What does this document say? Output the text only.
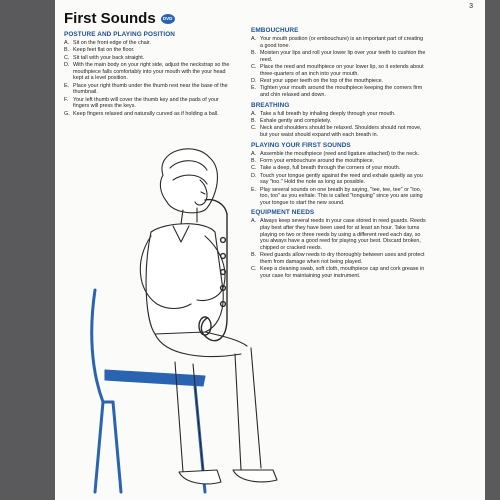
3
First Sounds	DVD
POSTURE AND PLAYING POSITION
A. Sit on the front edge of the chair.
B. Keep feet flat on the floor.
C. Sit tall with your back straight.
D. With the main body on your right side, adjust the neckstrap so the mouthpiece falls comfortably into your mouth with the your head kept at a level position.
E. Place your right thumb under the thumb rest near the base of the thumbnail.
F. Your left thumb will cover the thumb key and the pads of your fingers will press the keys.
G. Keep fingers relaxed and naturally curved as if holding a ball.
EMBOUCHURE
A. Your mouth position (or embouchure) is an important part of creating a good tone.
B. Moisten your lips and roll your lower lip over your teeth to cushion the reed.
C. Place the reed and mouthpiece on your lower lip, so it extends about three-quarters of an inch into your mouth.
D. Rest your upper teeth on the top of the mouthpiece.
E. Tighten your mouth around the mouthpiece keeping the corners firm and chin relaxed and down.
BREATHING
A. Take a full breath by inhaling deeply through your mouth.
B. Exhale gently and completely.
C. Neck and shoulders should be relaxed. Shoulders should not move, but your waist should expand with each breath in.
PLAYING YOUR FIRST SOUNDS
A. Assemble the mouthpiece (reed and ligature attached) to the neck.
B. Form your embouchure around the mouthpiece.
C. Take a deep, full breath through the corners of your mouth.
D. Touch your tongue gently against the reed and exhale quietly as you say "too." Hold the note as long as possible.
E. Play several sounds on one breath by saying, "tee, tee, tee" or "too, too, too" as you exhale. This is called "tonguing" since you are using your tongue to start the new sound.
EQUIPMENT NEEDS
A. Always keep several reeds in your case stored in reed guards. Reeds play best after they have been used for at least an hour. Take turns playing on two or three reeds by using a different reed each day, so you always have a good reed for playing your best. Discard broken, chipped or cracked reeds.
B. Reed guards allow reeds to dry thoroughly between uses and protect them from damage when not being played.
C. Keep a cleaning swab, soft cloth, mouthpiece cap and cork grease in your case for maintaining your instrument.
